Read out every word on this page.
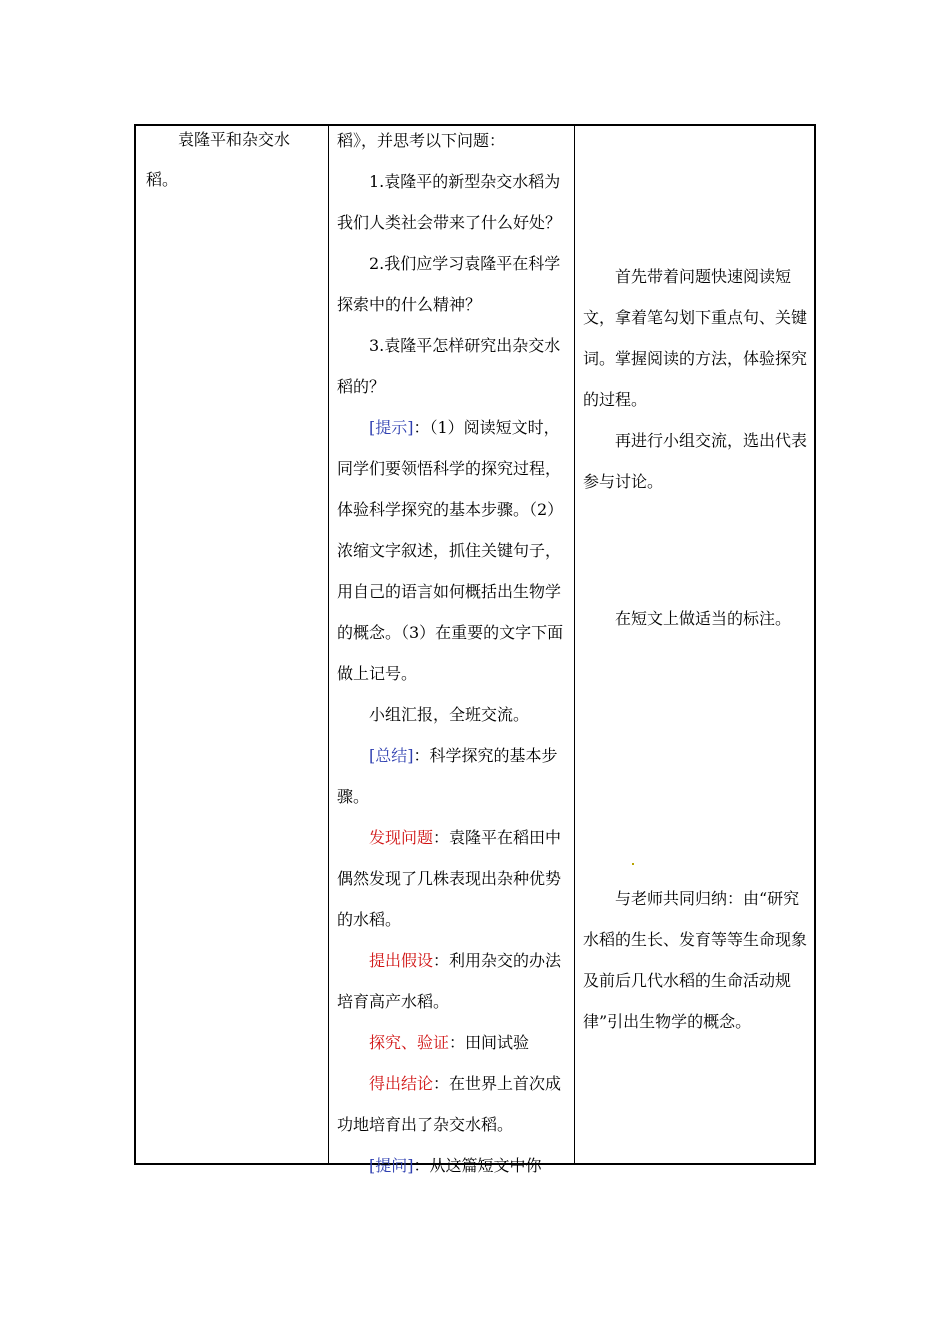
袁隆平和杂交水稻。

稻》，并思考以下问题：

1.袁隆平的新型杂交水稻为我们人类社会带来了什么好处？

2.我们应学习袁隆平在科学探索中的什么精神？

3.袁隆平怎样研究出杂交水稻的？

[提示]：（1）阅读短文时，同学们要领悟科学的探究过程，体验科学探究的基本步骤。（2）浓缩文字叙述，抓住关键句子，用自己的语言如何概括出生物学的概念。（3）在重要的文字下面做上记号。

小组汇报，全班交流。

[总结]：科学探究的基本步骤。

发现问题：袁隆平在稻田中偶然发现了几株表现出杂种优势的水稻。

提出假设：利用杂交的办法培育高产水稻。

探究、验证：田间试验

得出结论：在世界上首次成功地培育出了杂交水稻。

[提问]：从这篇短文中你

首先带着问题快速阅读短文，拿着笔勾划下重点句、关键词。掌握阅读的方法，体验探究的过程。

再进行小组交流，选出代表参与讨论。

在短文上做适当的标注。

与老师共同归纳：由“研究水稻的生长、发育等等生命现象及前后几代水稻的生命活动规律”引出生物学的概念。
